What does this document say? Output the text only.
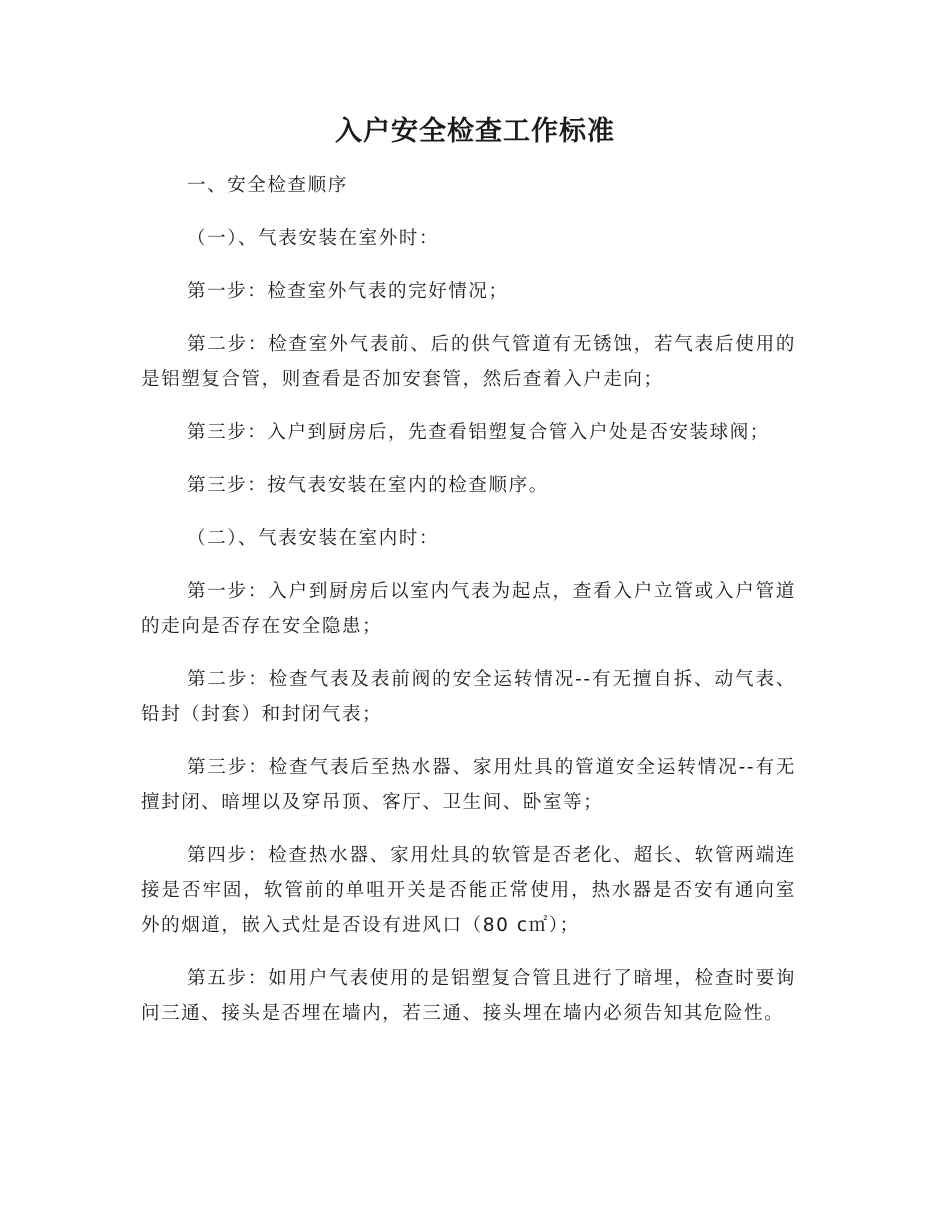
入户安全检查工作标准

一、安全检查顺序

（一）、气表安装在室外时：

第一步：检查室外气表的完好情况；

第二步：检查室外气表前、后的供气管道有无锈蚀，若气表后使用的是铝塑复合管，则查看是否加安套管，然后查着入户走向；

第三步：入户到厨房后，先查看铝塑复合管入户处是否安装球阀；

第三步：按气表安装在室内的检查顺序。

（二）、气表安装在室内时：

第一步：入户到厨房后以室内气表为起点，查看入户立管或入户管道的走向是否存在安全隐患；

第二步：检查气表及表前阀的安全运转情况--有无擅自拆、动气表、铅封（封套）和封闭气表；

第三步：检查气表后至热水器、家用灶具的管道安全运转情况--有无擅封闭、暗埋以及穿吊顶、客厅、卫生间、卧室等；

第四步：检查热水器、家用灶具的软管是否老化、超长、软管两端连接是否牢固，软管前的单咀开关是否能正常使用，热水器是否安有通向室外的烟道，嵌入式灶是否设有进风口（80 c㎡）；

第五步：如用户气表使用的是铝塑复合管且进行了暗埋，检查时要询问三通、接头是否埋在墙内，若三通、接头埋在墙内必须告知其危险性。
